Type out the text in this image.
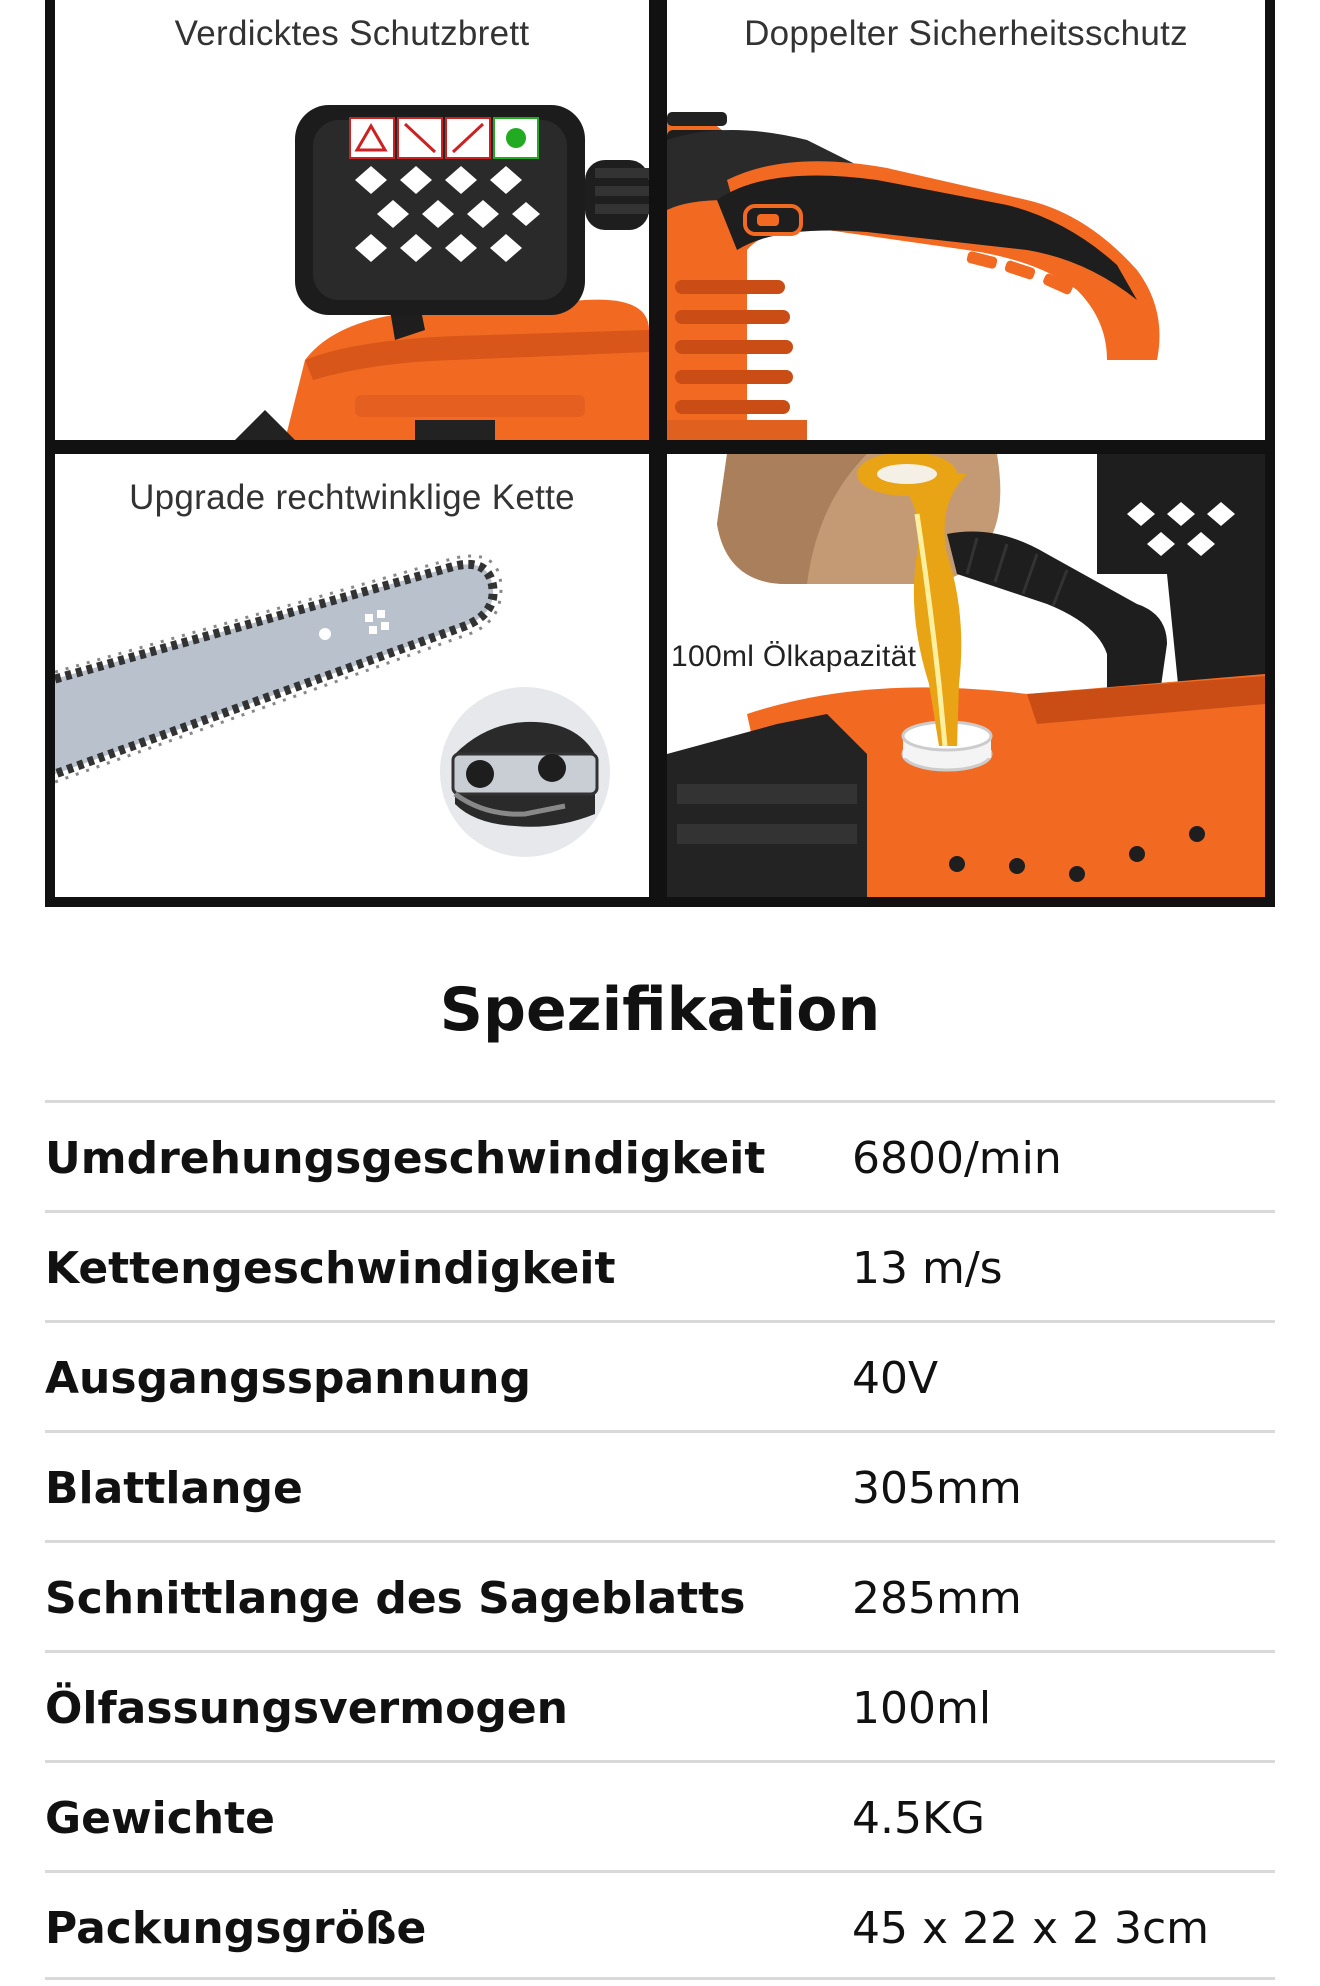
Verdicktes Schutzbrett	Doppelter Sicherheitsschutz
Upgrade rechtwinklige Kette
100ml Ölkapazität
Spezifikation
Umdrehungsgeschwindigkeit 6800/min
Kettengeschwindigkeit	13 m/s
Ausgangsspannung	40V
Blattlange	305mm
Schnittlange des Sageblatts 285mm
Ölfassungsvermogen	100ml
Gewichte	4.5KG
Packungsgröße	45 x 22 x 2 3cm
